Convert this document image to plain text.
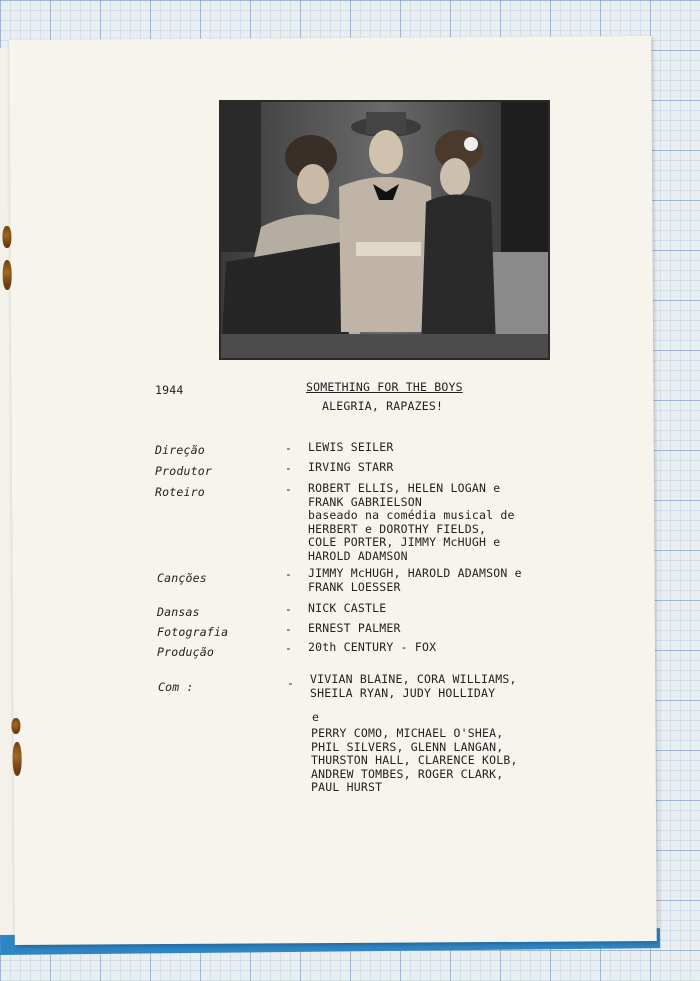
1944	SOMETHING FOR THE BOYS
ALEGRIA, RAPAZES!
Direção	- LEWIS SEILER
Produtor	- IRVING STARR
Roteiro	- ROBERT ELLIS, HELEN LOGAN e
FRANK GABRIELSON
baseado na comédia musical de
HERBERT e DOROTHY FIELDS,
COLE PORTER, JIMMY McHUGH e
HAROLD ADAMSON
Canções	- JIMMY McHUGH, HAROLD ADAMSON e
FRANK LOESSER
Dansas	- NICK CASTLE
Fotografia	- ERNEST PALMER
Produção	- 20th CENTURY - FOX
Com :	- VIVIAN BLAINE, CORA WILLIAMS,
SHEILA RYAN, JUDY HOLLIDAY
e
PERRY COMO, MICHAEL O'SHEA,
PHIL SILVERS, GLENN LANGAN,
THURSTON HALL, CLARENCE KOLB,
ANDREW TOMBES, ROGER CLARK,
PAUL HURST
